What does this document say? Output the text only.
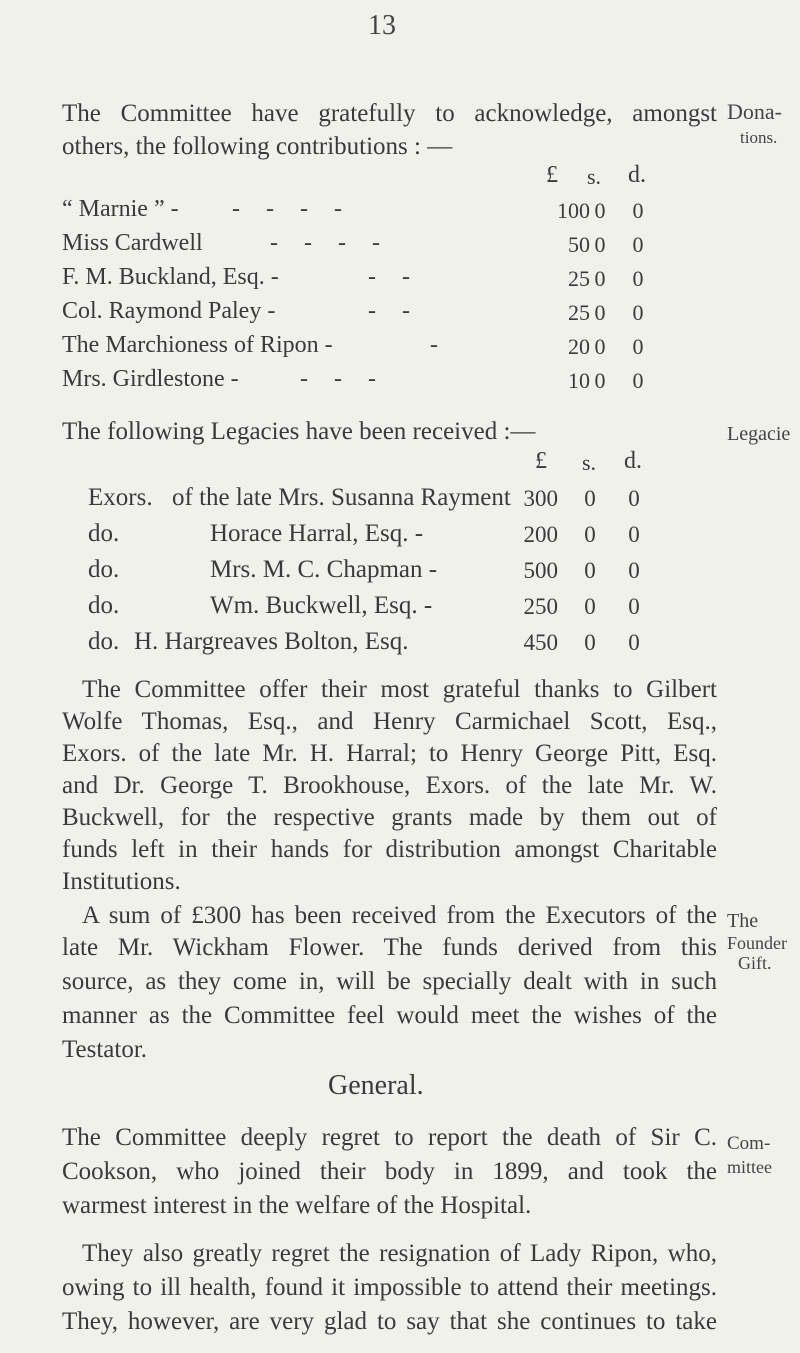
13
The Committee have gratefully to acknowledge, amongst
others, the following contributions : —
Dona-
tions.
£ s. d.
“ Marnie ” - - - - -	100 0 0
Miss Cardwell	- - - -	50 0 0
F. M. Buckland, Esq. -	- -	25 0 0
Col. Raymond Paley -	- -	25 0 0
The Marchioness of Ripon -	-	20 0 0
Mrs. Girdlestone -	- - -	10 0 0
The following Legacies have been received :—	Legacie
£ s. d.
Exors. of the late Mrs. Susanna Rayment 300 0 0
do.	Horace Harral, Esq. -	200 0 0
do.	Mrs. M. C. Chapman -	500 0 0
do.	Wm. Buckwell, Esq. -	250 0 0
do. H. Hargreaves Bolton, Esq.	450 0 0
The Committee offer their most grateful thanks to Gilbert
Wolfe Thomas, Esq., and Henry Carmichael Scott, Esq.,
Exors. of the late Mr. H. Harral; to Henry George Pitt, Esq.
and Dr. George T. Brookhouse, Exors. of the late Mr. W.
Buckwell, for the respective grants made by them out of
funds left in their hands for distribution amongst Charitable
Institutions.
A sum of £300 has been received from the Executors of the
late Mr. Wickham Flower. The funds derived from this
source, as they come in, will be specially dealt with in such
manner as the Committee feel would meet the wishes of the
Testator.
The
Founder
Gift.
General.
The Committee deeply regret to report the death of Sir C.
Cookson, who joined their body in 1899, and took the
warmest interest in the welfare of the Hospital.
Com-
mittee
They also greatly regret the resignation of Lady Ripon, who,
owing to ill health, found it impossible to attend their meetings.
They, however, are very glad to say that she continues to take
